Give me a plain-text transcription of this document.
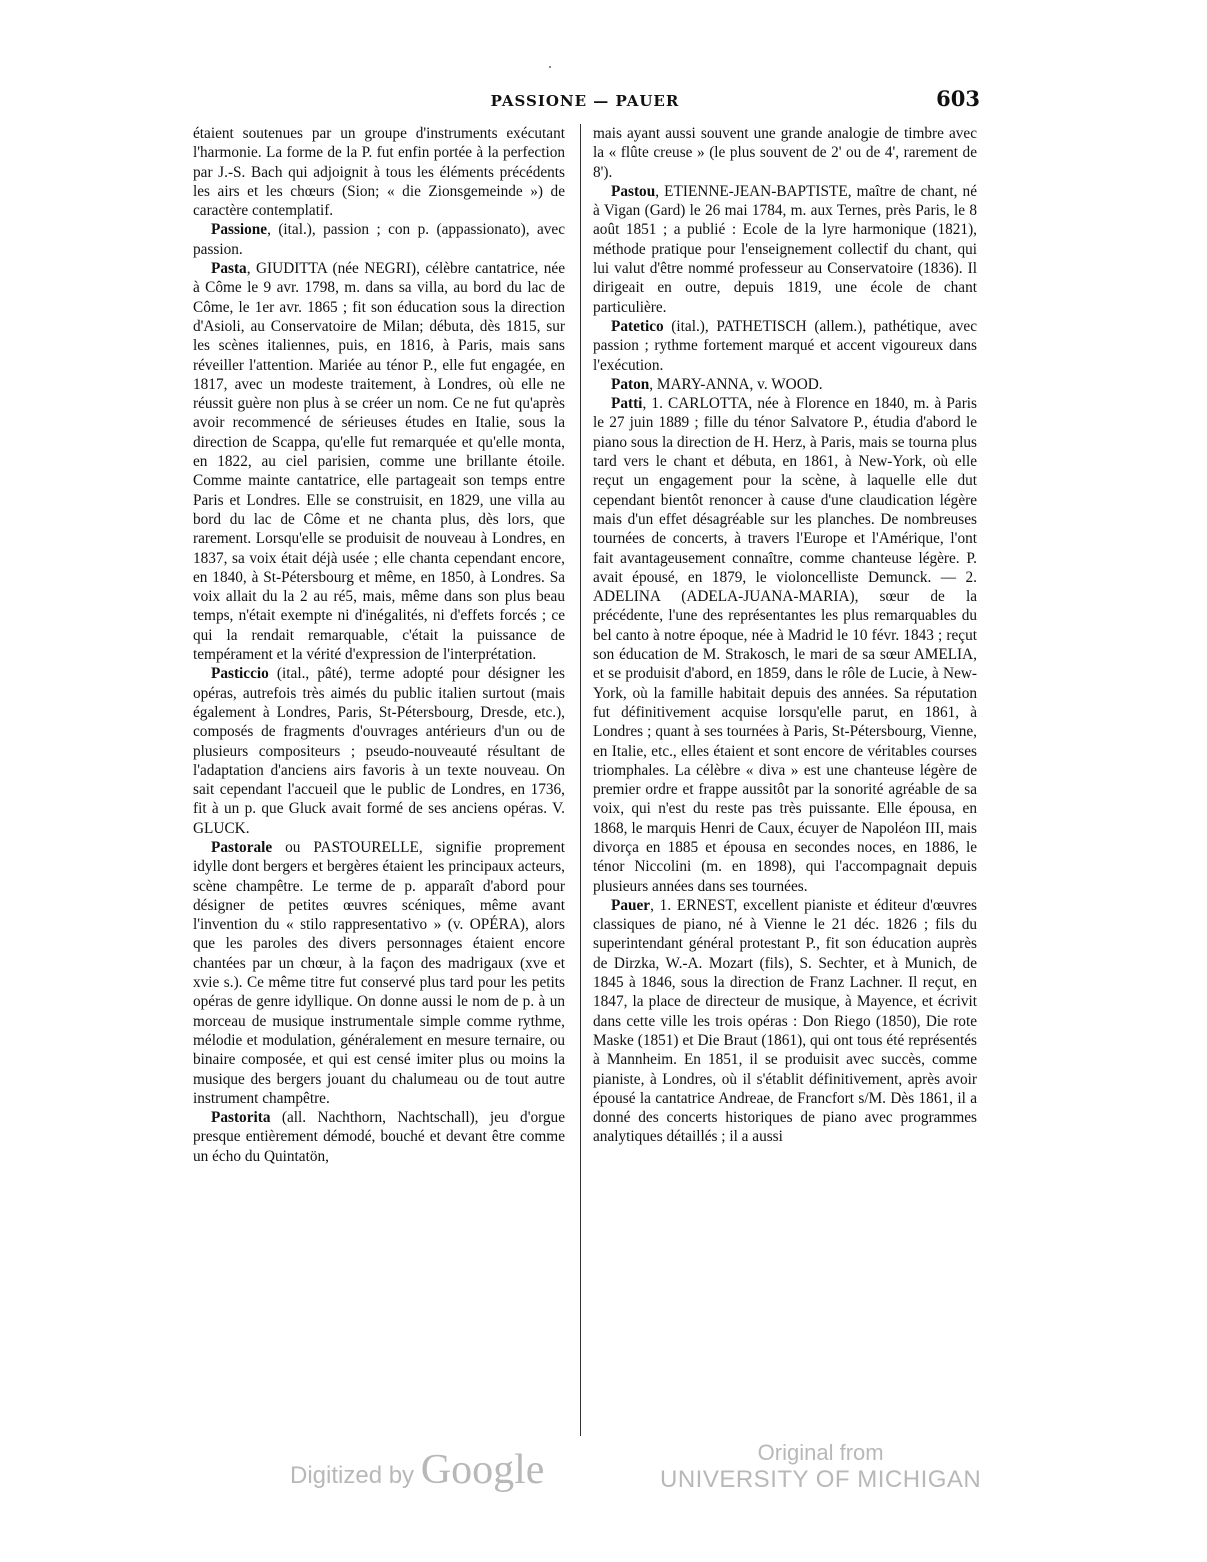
PASSIONE — PAUER	603

étaient soutenues par un groupe d'instruments exécutant l'harmonie. La forme de la P. fut enfin portée à la perfection par J.-S. Bach qui adjoignit à tous les éléments précédents les airs et les chœurs (Sion; « die Zionsgemeinde ») de caractère contemplatif.

Passione, (ital.), passion ; con p. (appassionato), avec passion.

Pasta, GIUDITTA (née NEGRI), célèbre cantatrice, née à Côme le 9 avr. 1798, m. dans sa villa, au bord du lac de Côme, le 1er avr. 1865 ; fit son éducation sous la direction d'Asioli, au Conservatoire de Milan; débuta, dès 1815, sur les scènes italiennes, puis, en 1816, à Paris, mais sans réveiller l'attention. Mariée au ténor P., elle fut engagée, en 1817, avec un modeste traitement, à Londres, où elle ne réussit guère non plus à se créer un nom. Ce ne fut qu'après avoir recommencé de sérieuses études en Italie, sous la direction de Scappa, qu'elle fut remarquée et qu'elle monta, en 1822, au ciel parisien, comme une brillante étoile. Comme mainte cantatrice, elle partageait son temps entre Paris et Londres. Elle se construisit, en 1829, une villa au bord du lac de Côme et ne chanta plus, dès lors, que rarement. Lorsqu'elle se produisit de nouveau à Londres, en 1837, sa voix était déjà usée ; elle chanta cependant encore, en 1840, à St-Pétersbourg et même, en 1850, à Londres. Sa voix allait du la 2 au ré5, mais, même dans son plus beau temps, n'était exempte ni d'inégalités, ni d'effets forcés ; ce qui la rendait remarquable, c'était la puissance de tempérament et la vérité d'expression de l'interprétation.

Pasticcio (ital., pâté), terme adopté pour désigner les opéras, autrefois très aimés du public italien surtout (mais également à Londres, Paris, St-Pétersbourg, Dresde, etc.), composés de fragments d'ouvrages antérieurs d'un ou de plusieurs compositeurs ; pseudo-nouveauté résultant de l'adaptation d'anciens airs favoris à un texte nouveau. On sait cependant l'accueil que le public de Londres, en 1736, fit à un p. que Gluck avait formé de ses anciens opéras. V. GLUCK.

Pastorale ou PASTOURELLE, signifie proprement idylle dont bergers et bergères étaient les principaux acteurs, scène champêtre. Le terme de p. apparaît d'abord pour désigner de petites œuvres scéniques, même avant l'invention du « stilo rappresentativo » (v. OPÉRA), alors que les paroles des divers personnages étaient encore chantées par un chœur, à la façon des madrigaux (xve et xvie s.). Ce même titre fut conservé plus tard pour les petits opéras de genre idyllique. On donne aussi le nom de p. à un morceau de musique instrumentale simple comme rythme, mélodie et modulation, généralement en mesure ternaire, ou binaire composée, et qui est censé imiter plus ou moins la musique des bergers jouant du chalumeau ou de tout autre instrument champêtre.

Pastorita (all. Nachthorn, Nachtschall), jeu d'orgue presque entièrement démodé, bouché et devant être comme un écho du Quintatön,

mais ayant aussi souvent une grande analogie de timbre avec la « flûte creuse » (le plus souvent de 2' ou de 4', rarement de 8').

Pastou, ETIENNE-JEAN-BAPTISTE, maître de chant, né à Vigan (Gard) le 26 mai 1784, m. aux Ternes, près Paris, le 8 août 1851 ; a publié : Ecole de la lyre harmonique (1821), méthode pratique pour l'enseignement collectif du chant, qui lui valut d'être nommé professeur au Conservatoire (1836). Il dirigeait en outre, depuis 1819, une école de chant particulière.

Patetico (ital.), PATHETISCH (allem.), pathétique, avec passion ; rythme fortement marqué et accent vigoureux dans l'exécution.

Paton, MARY-ANNA, v. WOOD.

Patti, 1. CARLOTTA, née à Florence en 1840, m. à Paris le 27 juin 1889 ; fille du ténor Salvatore P., étudia d'abord le piano sous la direction de H. Herz, à Paris, mais se tourna plus tard vers le chant et débuta, en 1861, à New-York, où elle reçut un engagement pour la scène, à laquelle elle dut cependant bientôt renoncer à cause d'une claudication légère mais d'un effet désagréable sur les planches. De nombreuses tournées de concerts, à travers l'Europe et l'Amérique, l'ont fait avantageusement connaître, comme chanteuse légère. P. avait épousé, en 1879, le violoncelliste Demunck. — 2. ADELINA (ADELA-JUANA-MARIA), sœur de la précédente, l'une des représentantes les plus remarquables du bel canto à notre époque, née à Madrid le 10 févr. 1843 ; reçut son éducation de M. Strakosch, le mari de sa sœur AMELIA, et se produisit d'abord, en 1859, dans le rôle de Lucie, à New-York, où la famille habitait depuis des années. Sa réputation fut définitivement acquise lorsqu'elle parut, en 1861, à Londres ; quant à ses tournées à Paris, St-Pétersbourg, Vienne, en Italie, etc., elles étaient et sont encore de véritables courses triomphales. La célèbre « diva » est une chanteuse légère de premier ordre et frappe aussitôt par la sonorité agréable de sa voix, qui n'est du reste pas très puissante. Elle épousa, en 1868, le marquis Henri de Caux, écuyer de Napoléon III, mais divorça en 1885 et épousa en secondes noces, en 1886, le ténor Niccolini (m. en 1898), qui l'accompagnait depuis plusieurs années dans ses tournées.

Pauer, 1. ERNEST, excellent pianiste et éditeur d'œuvres classiques de piano, né à Vienne le 21 déc. 1826 ; fils du superintendant général protestant P., fit son éducation auprès de Dirzka, W.-A. Mozart (fils), S. Sechter, et à Munich, de 1845 à 1846, sous la direction de Franz Lachner. Il reçut, en 1847, la place de directeur de musique, à Mayence, et écrivit dans cette ville les trois opéras : Don Riego (1850), Die rote Maske (1851) et Die Braut (1861), qui ont tous été représentés à Mannheim. En 1851, il se produisit avec succès, comme pianiste, à Londres, où il s'établit définitivement, après avoir épousé la cantatrice Andreae, de Francfort s/M. Dès 1861, il a donné des concerts historiques de piano avec programmes analytiques détaillés ; il a aussi

Digitized by Google	Original from
UNIVERSITY OF MICHIGAN
